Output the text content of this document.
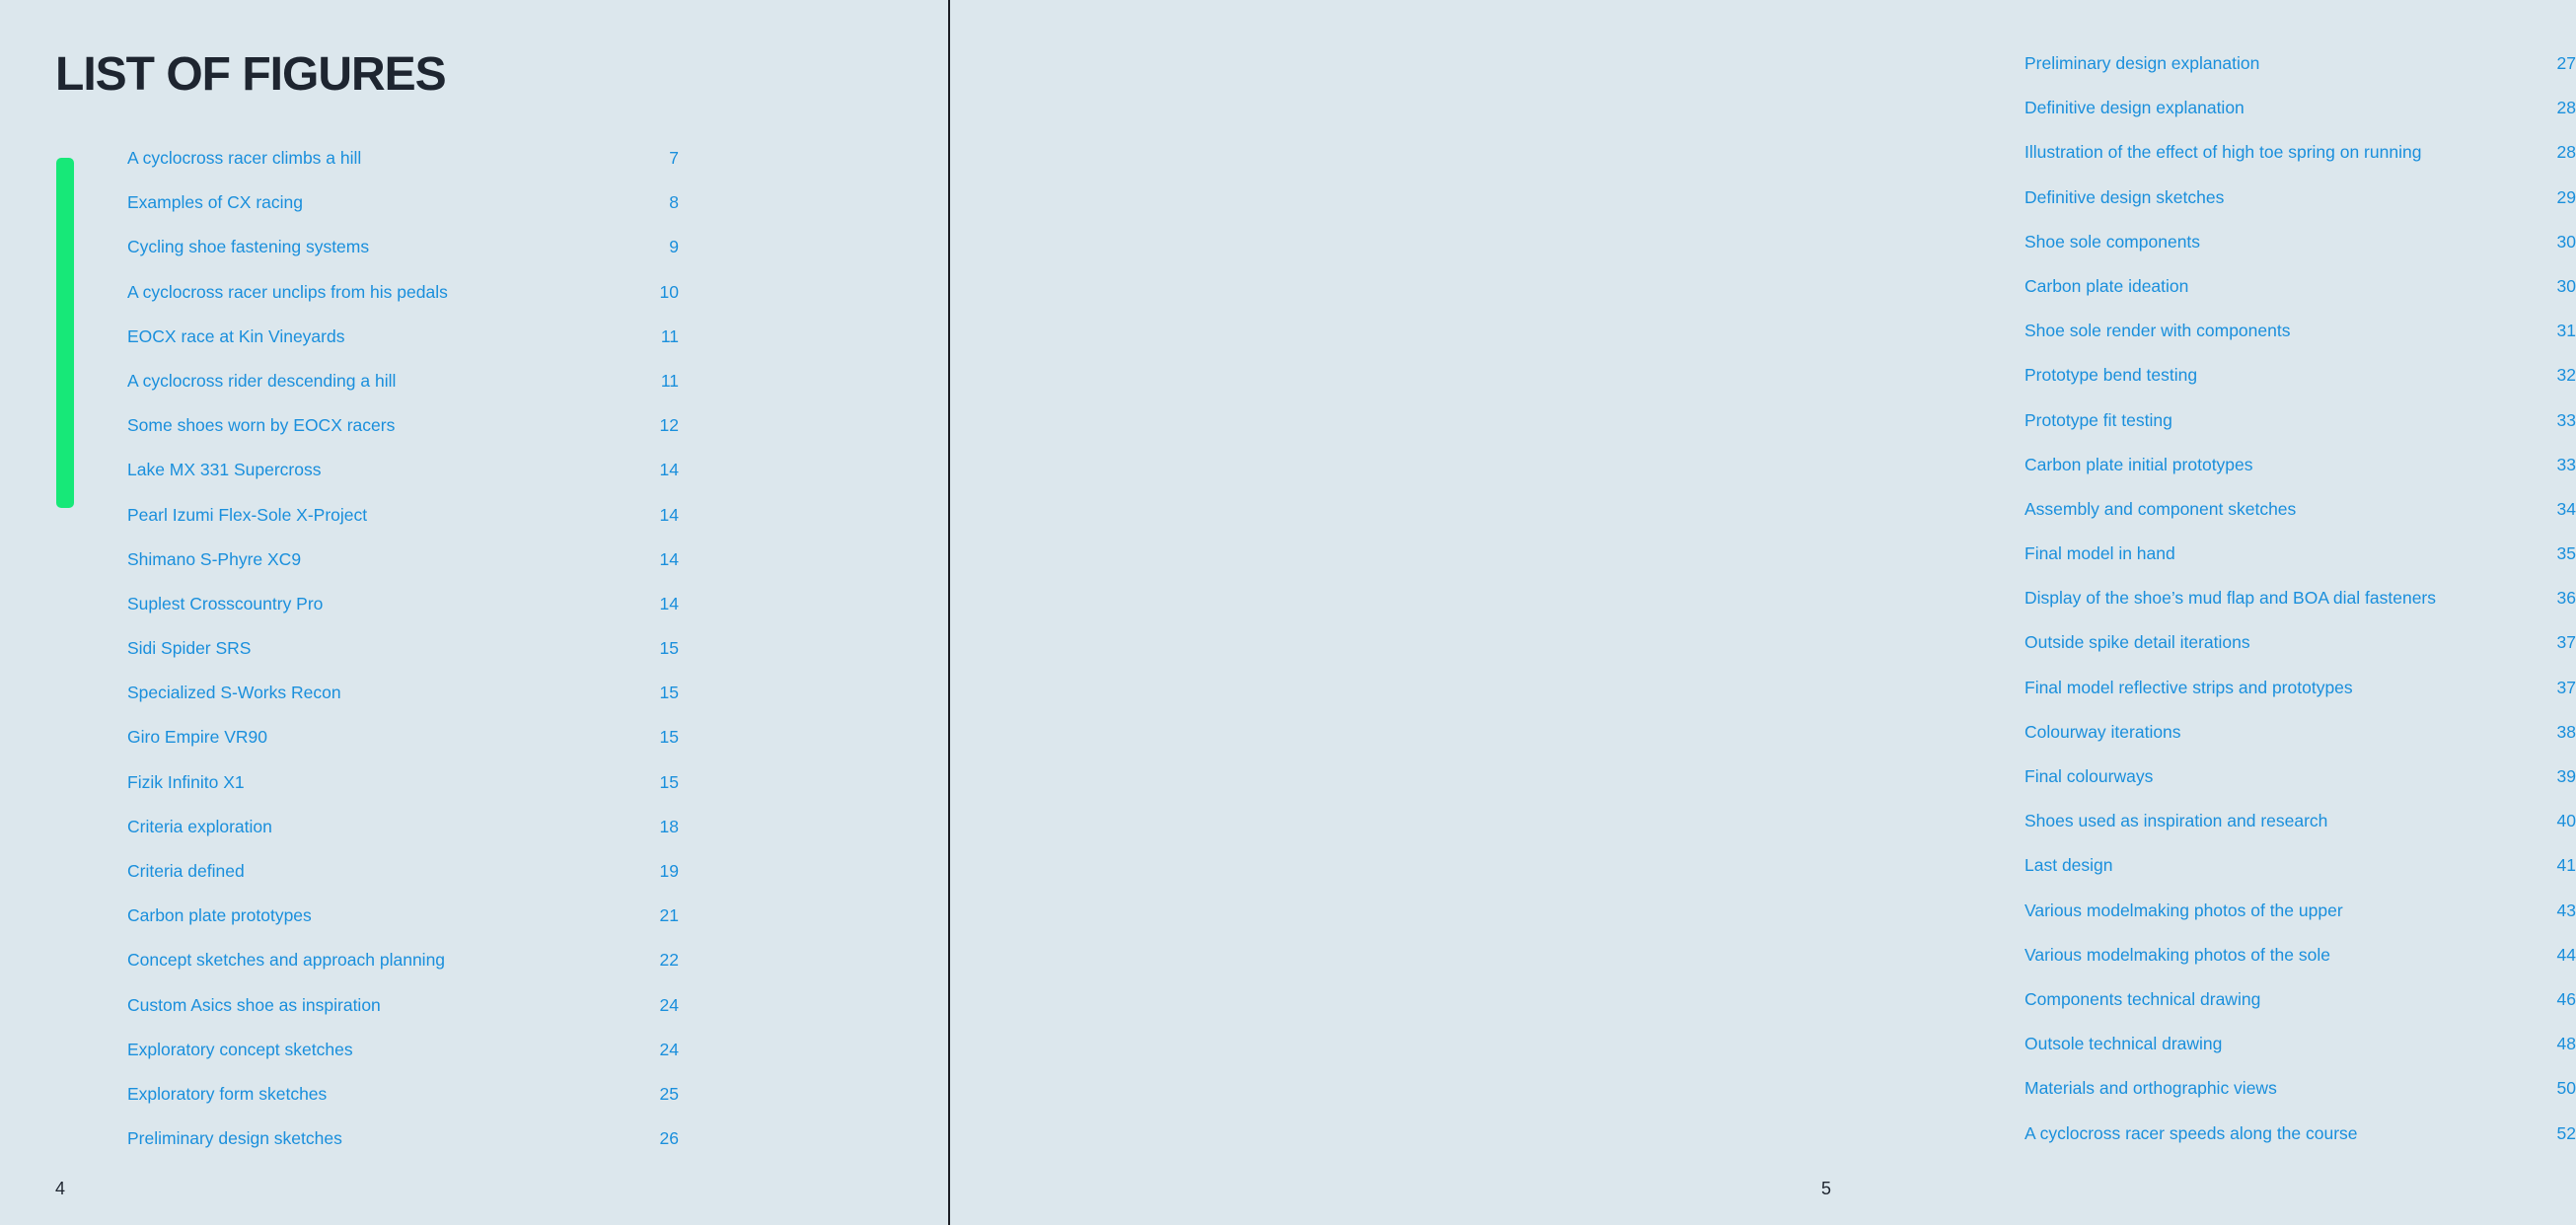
LIST OF FIGURES
A cyclocross racer climbs a hill	7
Examples of CX racing	8
Cycling shoe fastening systems	9
A cyclocross racer unclips from his pedals	10
EOCX race at Kin Vineyards	11
A cyclocross rider descending a hill	11
Some shoes worn by EOCX racers	12
Lake MX 331 Supercross	14
Pearl Izumi Flex-Sole X-Project	14
Shimano S-Phyre XC9	14
Suplest Crosscountry Pro	14
Sidi Spider SRS	15
Specialized S-Works Recon	15
Giro Empire VR90	15
Fizik Infinito X1	15
Criteria exploration	18
Criteria defined	19
Carbon plate prototypes	21
Concept sketches and approach planning	22
Custom Asics shoe as inspiration	24
Exploratory concept sketches	24
Exploratory form sketches	25
Preliminary design sketches	26
4
Preliminary design explanation	27
Definitive design explanation	28
Illustration of the effect of high toe spring on running	28
Definitive design sketches	29
Shoe sole components	30
Carbon plate ideation	30
Shoe sole render with components	31
Prototype bend testing	32
Prototype fit testing	33
Carbon plate initial prototypes	33
Assembly and component sketches	34
Final model in hand	35
Display of the shoe’s mud flap and BOA dial fasteners	36
Outside spike detail iterations	37
Final model reflective strips and prototypes	37
Colourway iterations	38
Final colourways	39
Shoes used as inspiration and research	40
Last design	41
Various modelmaking photos of the upper	43
Various modelmaking photos of the sole	44
Components technical drawing	46
Outsole technical drawing	48
Materials and orthographic views	50
A cyclocross racer speeds along the course	52
5
